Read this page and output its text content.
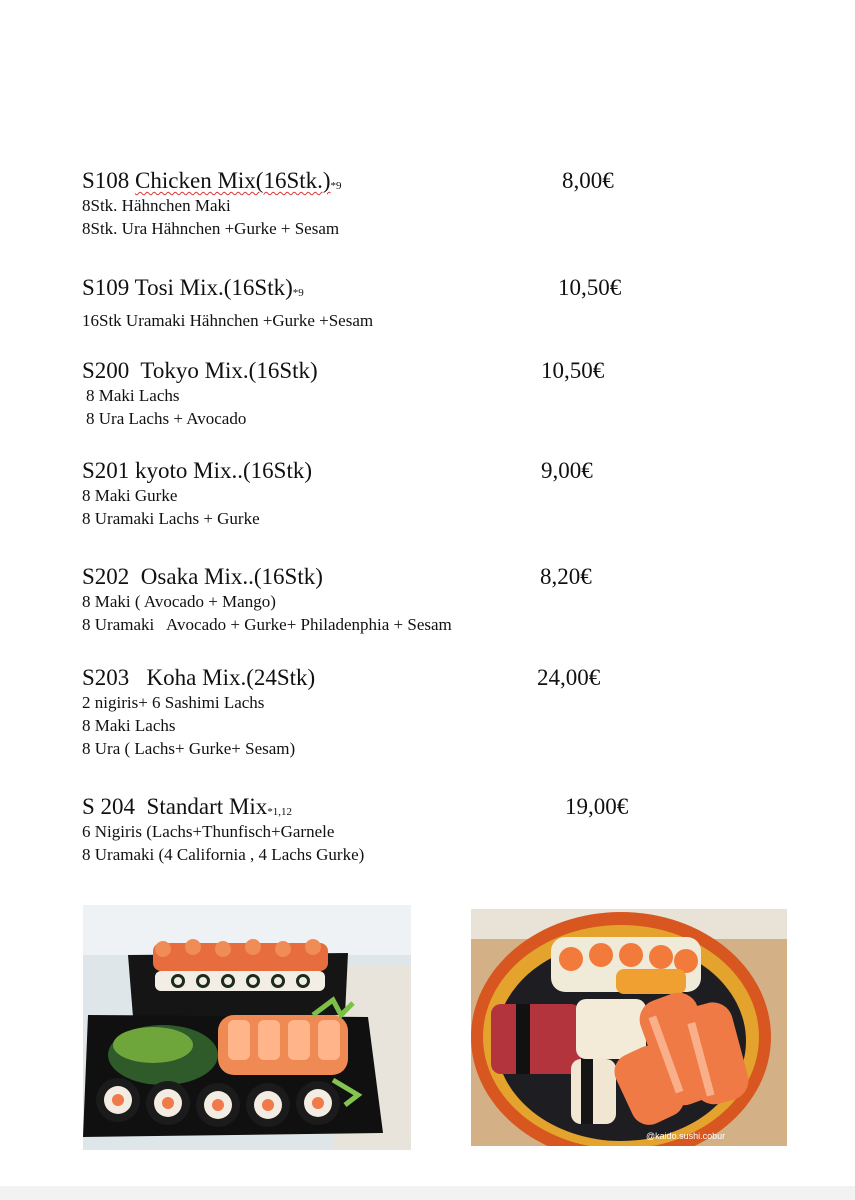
S108 Chicken Mix(16Stk.)*9	8,00€
8Stk. Hähnchen Maki
8Stk. Ura Hähnchen +Gurke + Sesam
S109 Tosi Mix.(16Stk)*9	10,50€
16Stk Uramaki Hähnchen +Gurke +Sesam
S200 Tokyo Mix.(16Stk)	10,50€
8 Maki Lachs
8 Ura Lachs + Avocado
S201 kyoto Mix..(16Stk)	9,00€
8 Maki Gurke
8 Uramaki Lachs + Gurke
S202 Osaka Mix..(16Stk)	8,20€
8 Maki ( Avocado + Mango)
8 Uramaki   Avocado + Gurke+ Philadenphia + Sesam
S203 Koha Mix.(24Stk)	24,00€
2 nigiris+ 6 Sashimi Lachs
8 Maki Lachs
8 Ura ( Lachs+ Gurke+ Sesam)
S 204 Standart Mix*1,12	19,00€
6 Nigiris (Lachs+Thunfisch+Garnele
8 Uramaki (4 California , 4 Lachs Gurke)
@kaido.sushi.cobur
